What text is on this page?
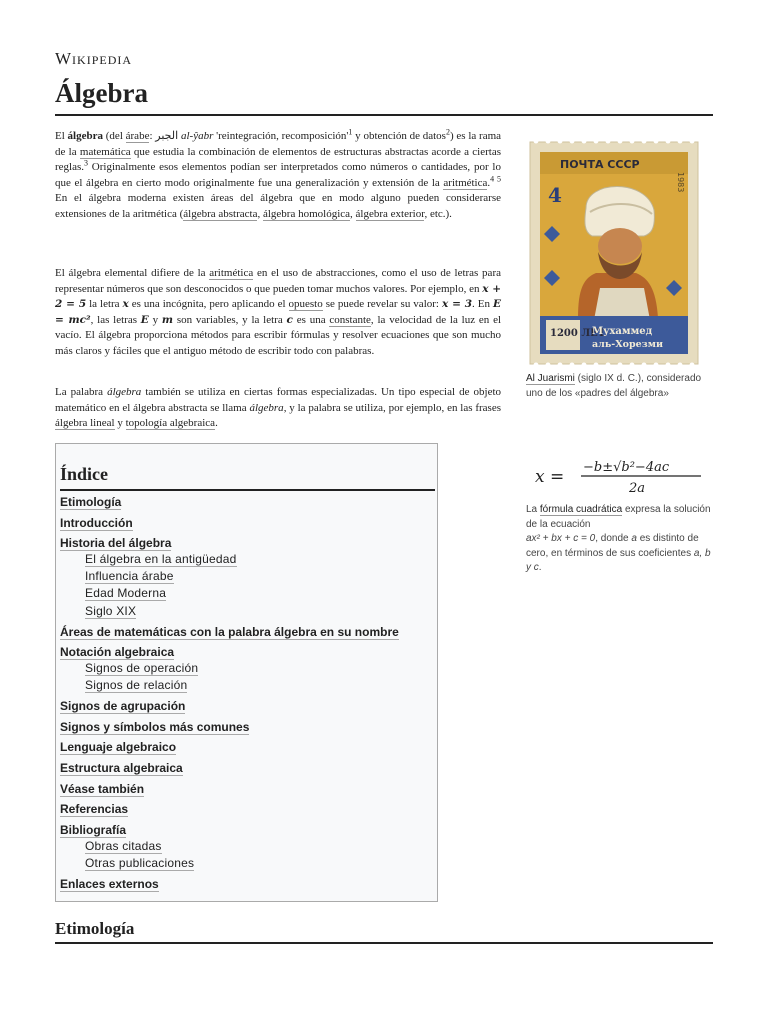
Wikipedia
Álgebra
El álgebra (del árabe: الجبر al-ŷabr 'reintegración, $recomposición'^1$ y obtención de datos$^2$) es la rama de la matemática que estudia la combinación de elementos de estructuras abstractas acorde a ciertas reglas.$^3$ Originalmente esos elementos podían ser interpretados como números o cantidades, por lo que el álgebra en cierto modo originalmente fue una generalización y extensión de la aritmética.$^{4 5}$ En el álgebra moderna existen áreas del álgebra que en modo alguno pueden considerarse extensiones de la aritmética (álgebra abstracta, álgebra homológica, álgebra exterior, etc.).
El álgebra elemental difiere de la aritmética en el uso de abstracciones, como el uso de letras para representar números que son desconocidos o que pueden tomar muchos valores. Por ejemplo, en x + 2 = 5 la letra x es una incógnita, pero aplicando el opuesto se puede revelar su valor: x = 3. En E = mc², las letras E y m son variables, y la letra c es una constante, la velocidad de la luz en el vacío. El álgebra proporciona métodos para escribir fórmulas y resolver ecuaciones que son mucho más claros y fáciles que el antiguo método de escribir todo con palabras.
La palabra álgebra también se utiliza en ciertas formas especializadas. Un tipo especial de objeto matemático en el álgebra abstracta se llama álgebra, y la palabra se utiliza, por ejemplo, en las frases álgebra lineal y topología algebraica.
ПОЧТА СССР
4
1983
1200 ЛЕТ
Мухаммед
аль-Хорезми
Al Juarismi (siglo IX d. C.), considerado uno de los «padres del álgebra»
x = −b±√b²−4ac
2a
La fórmula cuadrática expresa la solución de la ecuación
ax² + bx + c = 0, donde a es distinto de cero, en términos de sus coeficientes a, b y c.
Índice
Etimología
Introducción
Historia del álgebra
El álgebra en la antigüedad
Influencia árabe
Edad Moderna
Siglo XIX
Áreas de matemáticas con la palabra álgebra en su nombre
Notación algebraica
Signos de operación
Signos de relación
Signos de agrupación
Signos y símbolos más comunes
Lenguaje algebraico
Estructura algebraica
Véase también
Referencias
Bibliografía
Obras citadas
Otras publicaciones
Enlaces externos
Etimología
